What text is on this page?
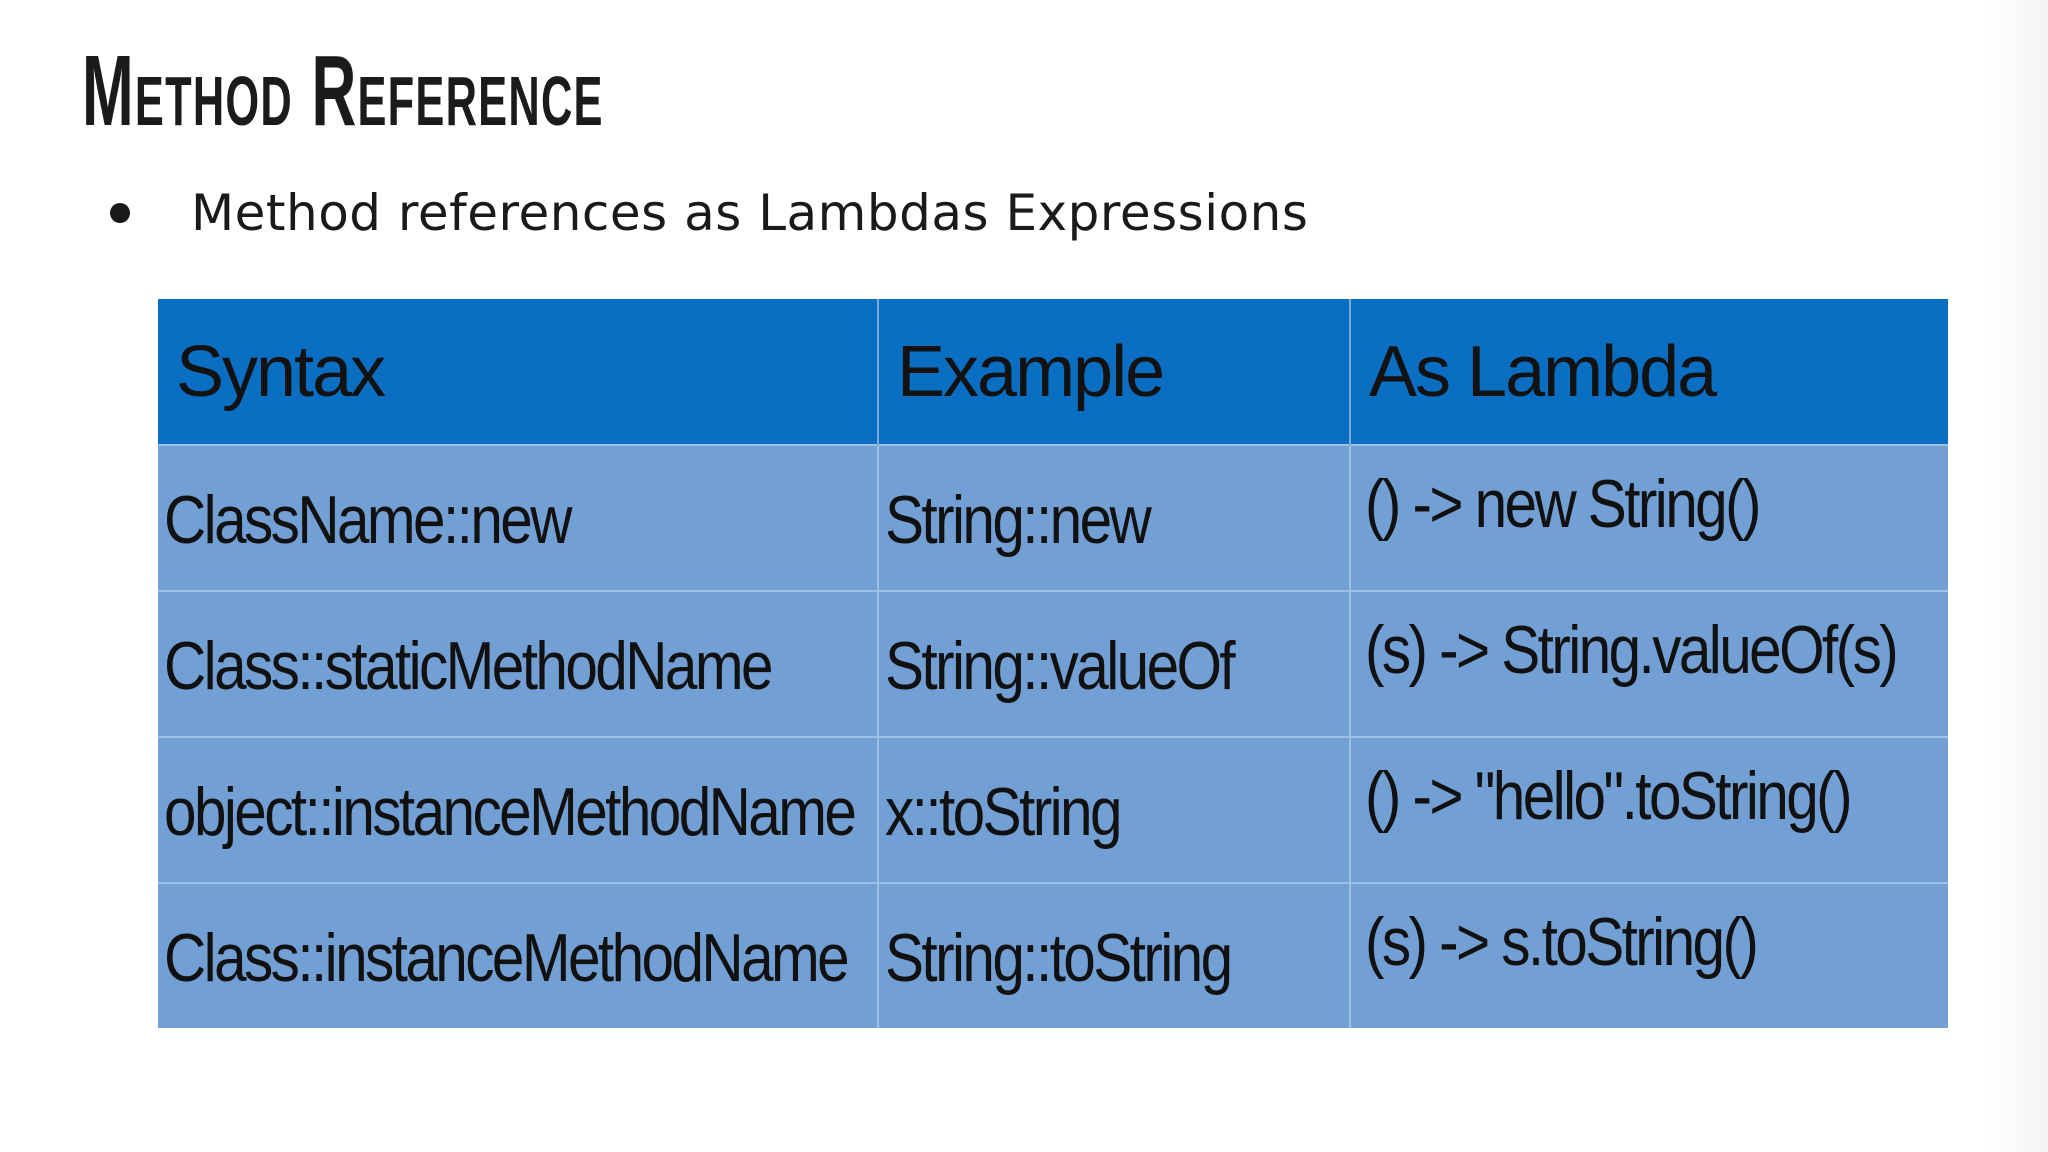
Method Reference
Method references as Lambdas Expressions
Syntax	Example	As Lambda
ClassName::new	String::new	() -> new String()
Class::staticMethodName	String::valueOf	(s) -> String.valueOf(s)
object::instanceMethodName	x::toString	() -> "hello".toString()
Class::instanceMethodName	String::toString	(s) -> s.toString()
